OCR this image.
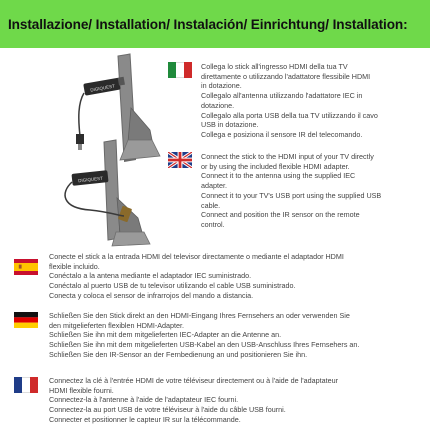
Installazione/ Installation/ Instalación/ Einrichtung/ Installation:
DIGIQUEST
DIGIQUEST
Collega lo stick all'ingresso HDMI della tua TV
direttamente o utilizzando l'adattatore flessibile HDMI
in dotazione.
Collegalo all'antenna utilizzando l'adattatore IEC in
dotazione.
Collegalo alla porta USB della tua TV utilizzando il cavo
USB in dotazione.
Collega e posiziona il sensore IR del telecomando.
Connect the stick to the HDMI input of your TV directly
or by using the included flexible HDMI adapter.
Connect it to the antenna using the supplied IEC
adapter.
Connect it to your TV's USB port using the supplied USB
cable.
Connect and position the IR sensor on the remote
control.
Conecte el stick a la entrada HDMI del televisor directamente o mediante el adaptador HDMI
flexible incluido.
Conéctalo a la antena mediante el adaptador IEC suministrado.
Conéctalo al puerto USB de tu televisor utilizando el cable USB suministrado.
Conecta y coloca el sensor de infrarrojos del mando a distancia.
Schließen Sie den Stick direkt an den HDMI-Eingang Ihres Fernsehers an oder verwenden Sie
den mitgelieferten flexiblen HDMI-Adapter.
Schließen Sie ihn mit dem mitgelieferten IEC-Adapter an die Antenne an.
Schließen Sie ihn mit dem mitgelieferten USB-Kabel an den USB-Anschluss Ihres Fernsehers an.
Schließen Sie den IR-Sensor an der Fernbedienung an und positionieren Sie ihn.
Connectez la clé à l'entrée HDMI de votre téléviseur directement ou à l'aide de l'adaptateur
HDMI flexible fourni.
Connectez-la à l'antenne à l'aide de l'adaptateur IEC fourni.
Connectez-la au port USB de votre téléviseur à l'aide du câble USB fourni.
Connecter et positionner le capteur IR sur la télécommande.
